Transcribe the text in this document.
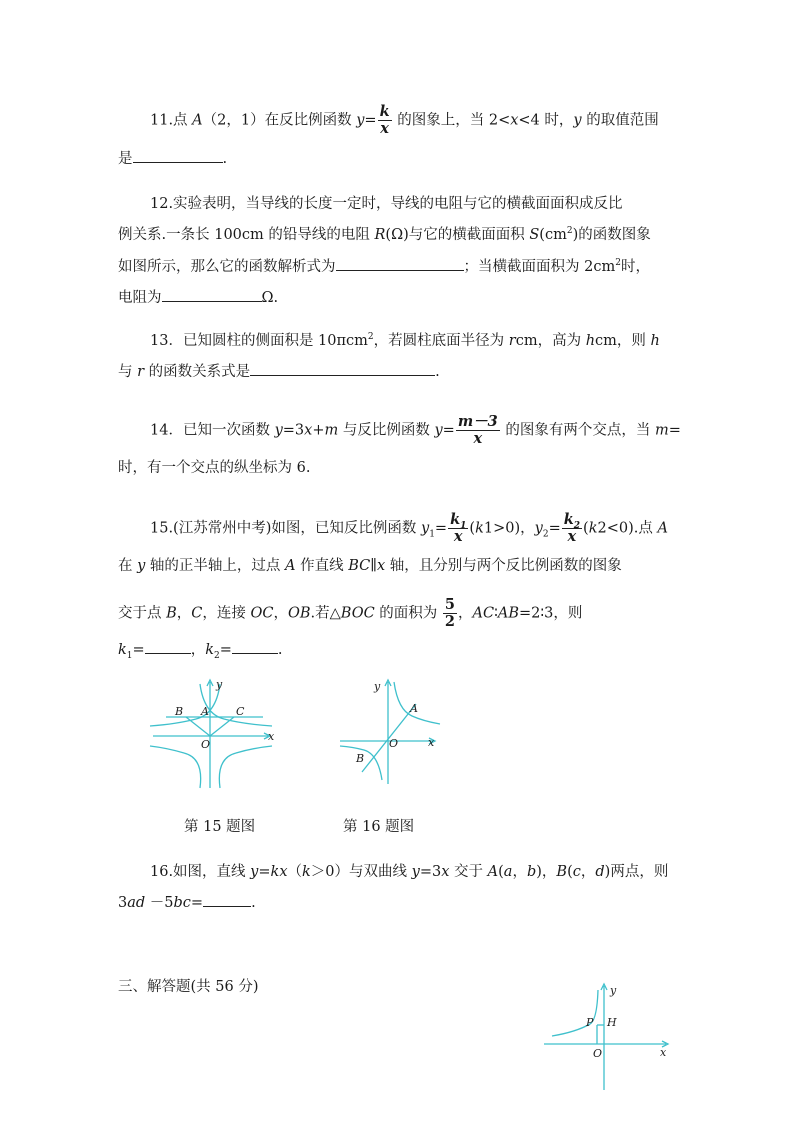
11.点 A（2，1）在反比例函数 $y= \frac{k}{x}$ 的图象上，当 2<x<4 时，y 的取值范围
是	.
12.实验表明，当导线的长度一定时，导线的电阻与它的横截面面积成反比
例关系.一条长 100cm 的铅导线的电阻 R(Ω)与它的横截面面积 $S(cm^2)$的函数图象
如图所示，那么它的函数解析式为	；当横截面面积为 $2cm^2$时，
电阻为	Ω.
13．已知圆柱的侧面积是 10πcm$^2$，若圆柱底面半径为 rcm，高为 hcm，则 h
与 r 的函数关系式是	.
14．已知一次函数 y=3x+m 与反比例函数 $y= \frac{m-3}{x}$ 的图象有两个交点，当 m=
时，有一个交点的纵坐标为 6.
15.(江苏常州中考)如图，已知反比例函数 $y_1= \frac{k_1}{x} (k1>0)$，$y_2= \frac{k_2}{x} (k2<0)$.点 A
在 y 轴的正半轴上，过点 A 作直线 BC∥x 轴，且分别与两个反比例函数的图象
交于点 B，C，连接 OC，OB.若△BOC 的面积为 $\frac{5}{2}$ ，AC∶AB=2∶3，则
$k_1=$	，$k_2=$	.
y
x
O
A
B	C
第 15 题图
y
x
O
A
B
第 16 题图
16.如图，直线 y=kx（k＞0）与双曲线 y=3x 交于 A(a，b)，B(c，d)两点，则
3ad －5bc=	.
三、解答题(共 56 分)	y
x
O
P H
